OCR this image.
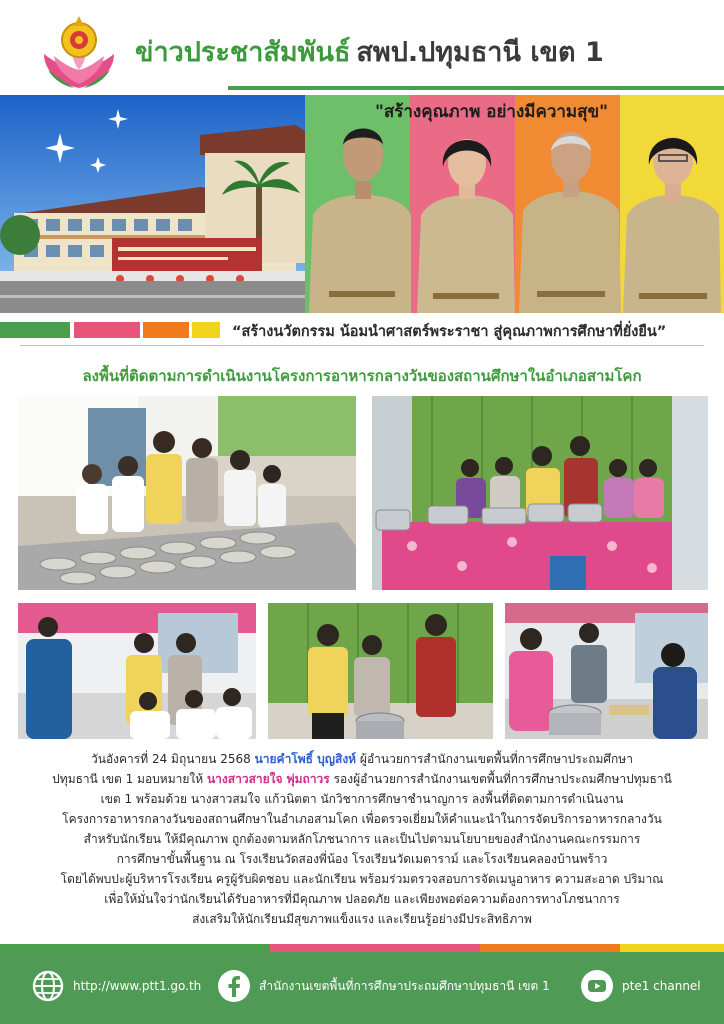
ข่าวประชาสัมพันธ์ สพป.ปทุมธานี เขต 1
"สร้างคุณภาพ อย่างมีความสุข"
“สร้างนวัตกรรม น้อมนำศาสตร์พระราชา สู่คุณภาพการศึกษาที่ยั่งยืน”
ลงพื้นที่ติดตามการดำเนินงานโครงการอาหารกลางวันของสถานศึกษาในอำเภอสามโคก
วันอังคารที่ 24 มิถุนายน 2568 นายคำโพธิ์ บุญสิงห์ ผู้อำนวยการสำนักงานเขตพื้นที่การศึกษาประถมศึกษา
ปทุมธานี เขต 1 มอบหมายให้ นางสาวสายใจ พุ่มถาวร รองผู้อำนวยการสำนักงานเขตพื้นที่การศึกษาประถมศึกษาปทุมธานี
เขต 1 พร้อมด้วย นางสาวสมใจ แก้วนิตตา นักวิชาการศึกษาชำนาญการ ลงพื้นที่ติดตามการดำเนินงาน
โครงการอาหารกลางวันของสถานศึกษาในอำเภอสามโคก เพื่อตรวจเยี่ยมให้คำแนะนำในการจัดบริการอาหารกลางวัน
สำหรับนักเรียน ให้มีคุณภาพ ถูกต้องตามหลักโภชนาการ และเป็นไปตามนโยบายของสำนักงานคณะกรรมการ
การศึกษาขั้นพื้นฐาน ณ โรงเรียนวัดสองพี่น้อง โรงเรียนวัดเมตาราม์ และโรงเรียนคลองบ้านพร้าว
โดยได้พบปะผู้บริหารโรงเรียน ครูผู้รับผิดชอบ และนักเรียน พร้อมร่วมตรวจสอบการจัดเมนูอาหาร ความสะอาด ปริมาณ
เพื่อให้มั่นใจว่านักเรียนได้รับอาหารที่มีคุณภาพ ปลอดภัย และเพียงพอต่อความต้องการทางโภชนาการ
ส่งเสริมให้นักเรียนมีสุขภาพแข็งแรง และเรียนรู้อย่างมีประสิทธิภาพ
http://www.ptt1.go.th	สำนักงานเขตพื้นที่การศึกษาประถมศึกษาปทุมธานี เขต 1	pte1 channel
